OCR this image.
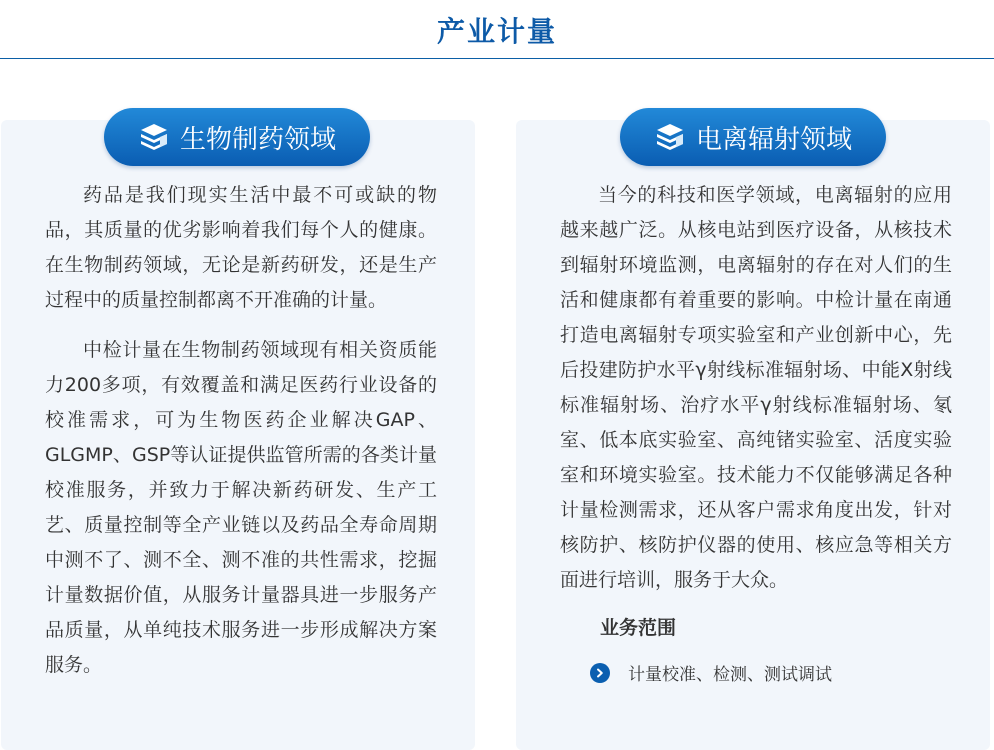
产业计量
生物制药领域

药品是我们现实生活中最不可或缺的物品，其质量的优劣影响着我们每个人的健康。在生物制药领域，无论是新药研发，还是生产过程中的质量控制都离不开准确的计量。

中检计量在生物制药领域现有相关资质能力200多项，有效覆盖和满足医药行业设备的校准需求，可为生物医药企业解决GAP、GLGMP、GSP等认证提供监管所需的各类计量校准服务，并致力于解决新药研发、生产工艺、质量控制等全产业链以及药品全寿命周期中测不了、测不全、测不准的共性需求，挖掘计量数据价值，从服务计量器具进一步服务产品质量，从单纯技术服务进一步形成解决方案服务。

电离辐射领域

当今的科技和医学领域，电离辐射的应用越来越广泛。从核电站到医疗设备，从核技术到辐射环境监测，电离辐射的存在对人们的生活和健康都有着重要的影响。中检计量在南通打造电离辐射专项实验室和产业创新中心，先后投建防护水平γ射线标准辐射场、中能X射线标准辐射场、治疗水平γ射线标准辐射场、氡室、低本底实验室、高纯锗实验室、活度实验室和环境实验室。技术能力不仅能够满足各种计量检测需求，还从客户需求角度出发，针对核防护、核防护仪器的使用、核应急等相关方面进行培训，服务于大众。

业务范围
计量校准、检测、测试调试
